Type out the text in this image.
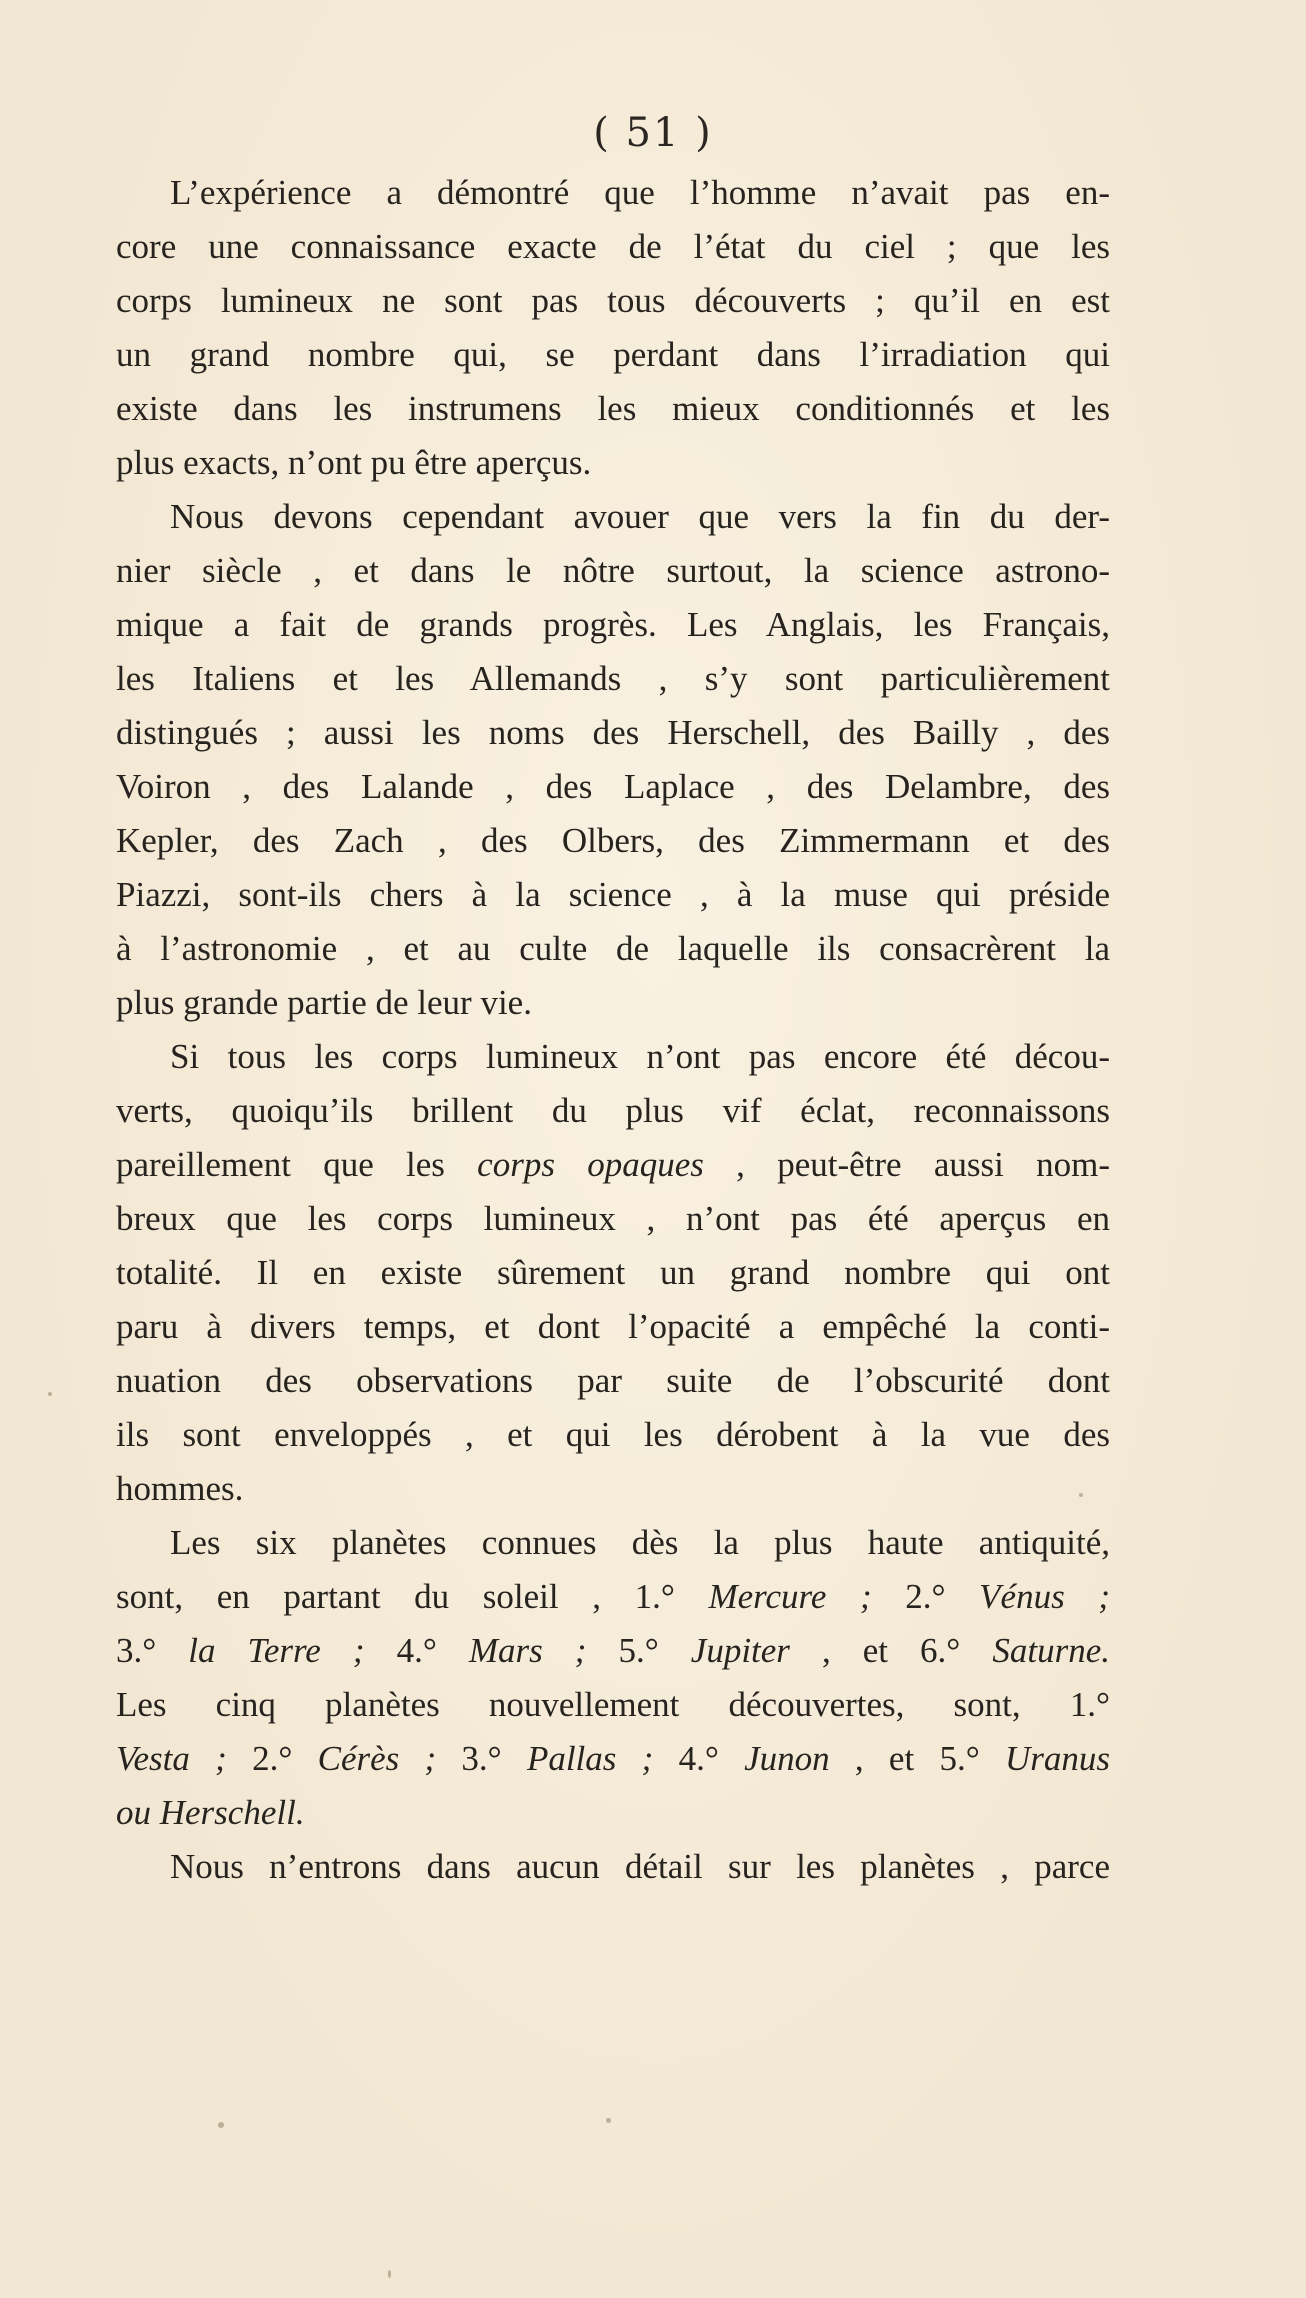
( 51 )
L’expérience a démontré que l’homme n’avait pas en-
core une connaissance exacte de l’état du ciel ; que les
corps lumineux ne sont pas tous découverts ; qu’il en est
un grand nombre qui, se perdant dans l’irradiation qui
existe dans les instrumens les mieux conditionnés et les
plus exacts, n’ont pu être aperçus.
Nous devons cependant avouer que vers la fin du der-
nier siècle , et dans le nôtre surtout, la science astrono-
mique a fait de grands progrès. Les Anglais, les Français,
les Italiens et les Allemands , s’y sont particulièrement
distingués ; aussi les noms des Herschell, des Bailly , des
Voiron , des Lalande , des Laplace , des Delambre, des
Kepler, des Zach , des Olbers, des Zimmermann et des
Piazzi, sont-ils chers à la science , à la muse qui préside
à l’astronomie , et au culte de laquelle ils consacrèrent la
plus grande partie de leur vie.
Si tous les corps lumineux n’ont pas encore été décou-
verts, quoiqu’ils brillent du plus vif éclat, reconnaissons
pareillement que les corps opaques , peut-être aussi nom-
breux que les corps lumineux , n’ont pas été aperçus en
totalité. Il en existe sûrement un grand nombre qui ont
paru à divers temps, et dont l’opacité a empêché la conti-
nuation des observations par suite de l’obscurité dont
ils sont enveloppés , et qui les dérobent à la vue des
hommes.
Les six planètes connues dès la plus haute antiquité,
sont, en partant du soleil , 1.° Mercure ; 2.° Vénus ;
3.° la Terre ; 4.° Mars ; 5.° Jupiter , et 6.° Saturne.
Les cinq planètes nouvellement découvertes, sont, 1.°
Vesta ; 2.° Cérès ; 3.° Pallas ; 4.° Junon , et 5.° Uranus
ou Herschell.
Nous n’entrons dans aucun détail sur les planètes , parce
